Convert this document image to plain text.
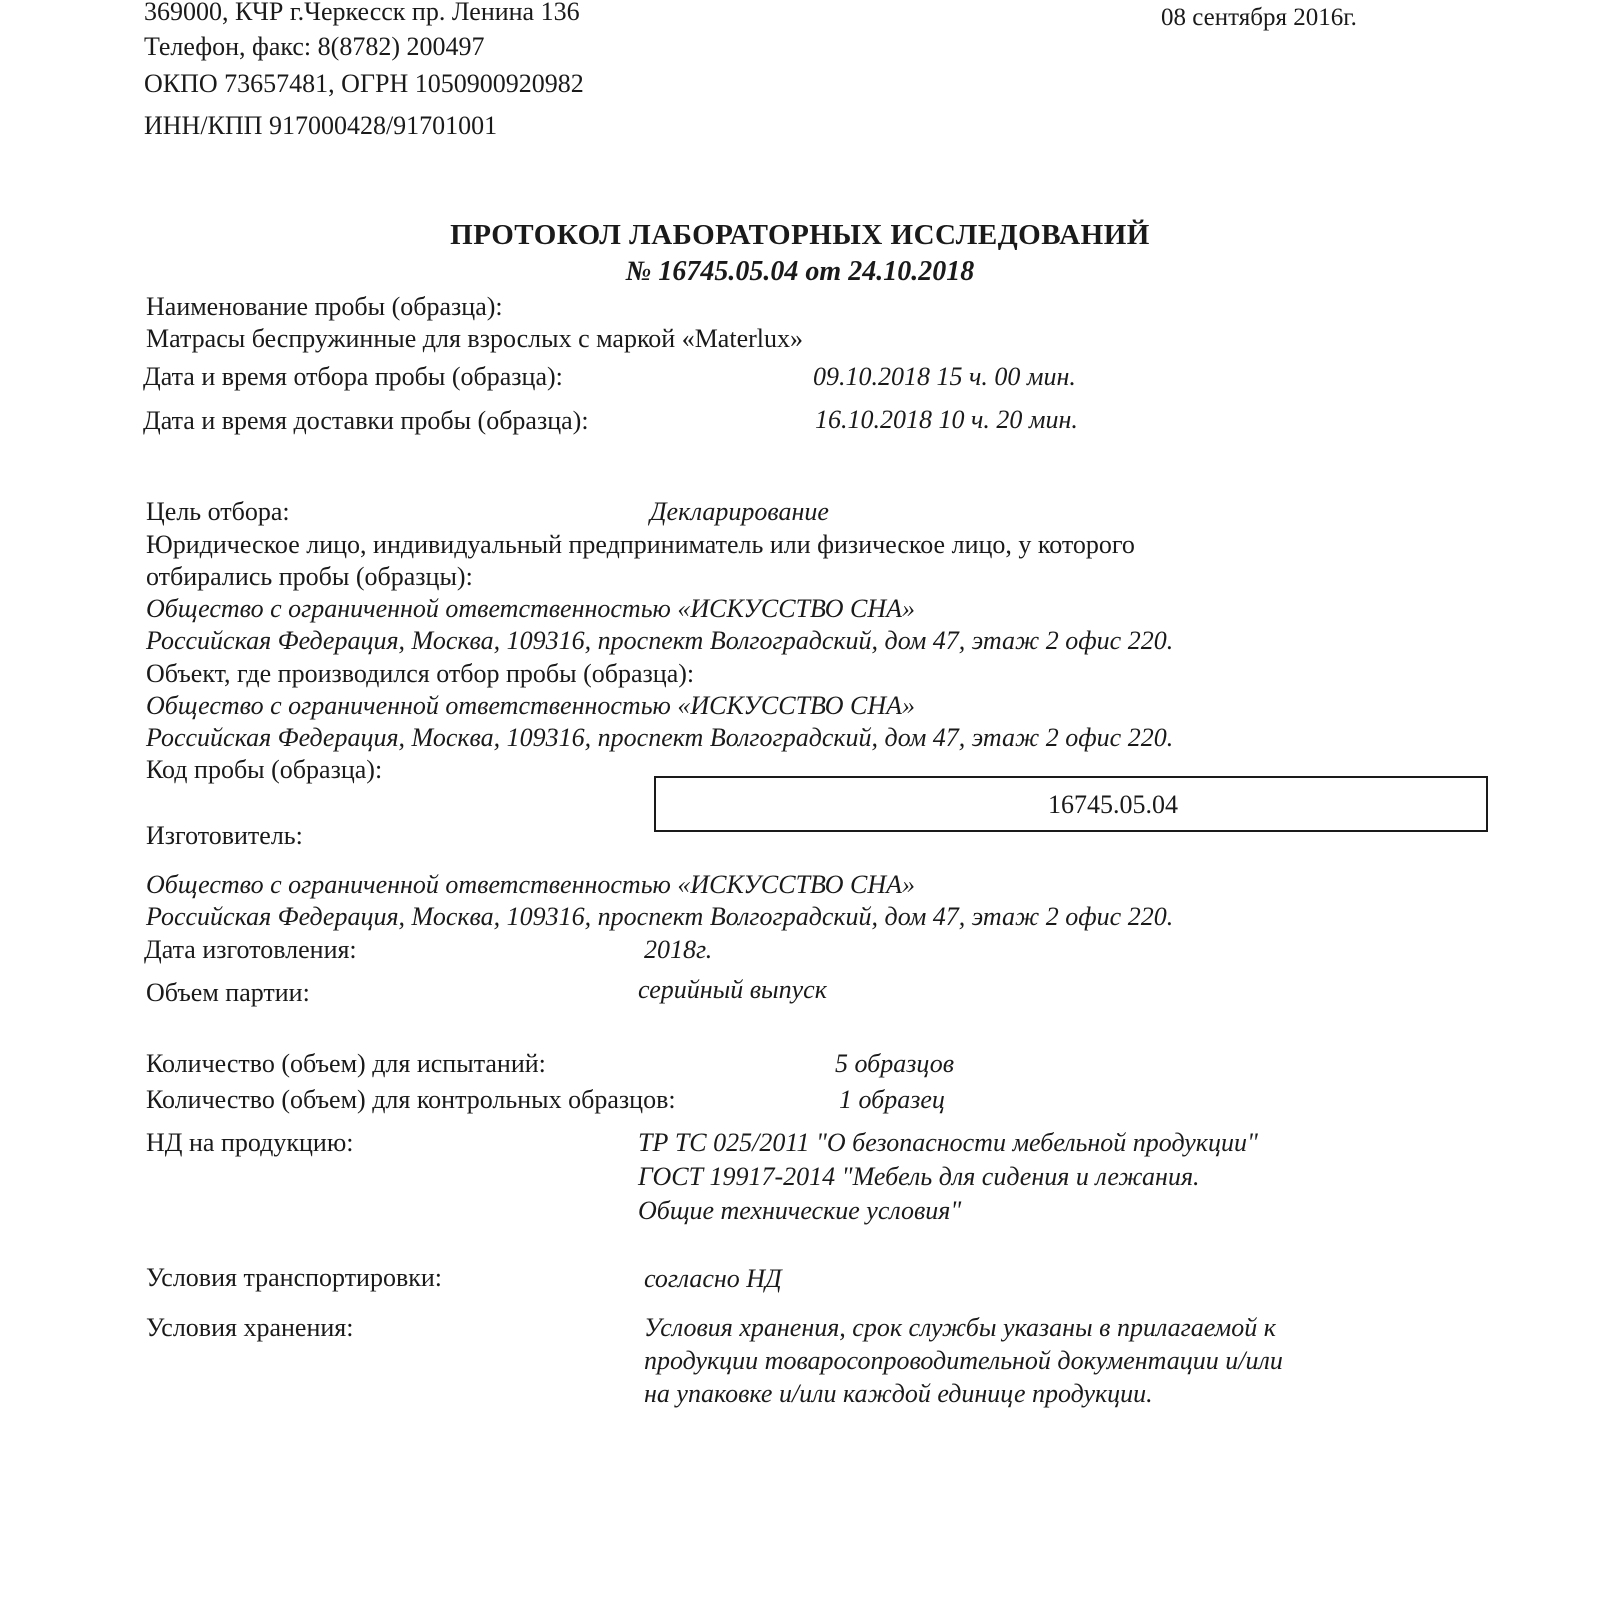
369000, КЧР г.Черкесск пр. Ленина 136	08 сентября 2016г.
Телефон, факс: 8(8782) 200497
ОКПО 73657481, ОГРН 1050900920982
ИНН/КПП 917000428/91701001
ПРОТОКОЛ ЛАБОРАТОРНЫХ ИССЛЕДОВАНИЙ
№ 16745.05.04 от 24.10.2018
Наименование пробы (образца):
Матрасы беспружинные для взрослых с маркой «Materlux»
Дата и время отбора пробы (образца):	09.10.2018 15 ч. 00 мин.
Дата и время доставки пробы (образца):	16.10.2018 10 ч. 20 мин.
Цель отбора:	Декларирование
Юридическое лицо, индивидуальный предприниматель или физическое лицо, у которого
отбирались пробы (образцы):
Общество с ограниченной ответственностью «ИСКУССТВО СНА»
Российская Федерация, Москва, 109316, проспект Волгоградский, дом 47, этаж 2 офис 220.
Объект, где производился отбор пробы (образца):
Общество с ограниченной ответственностью «ИСКУССТВО СНА»
Российская Федерация, Москва, 109316, проспект Волгоградский, дом 47, этаж 2 офис 220.
Код пробы (образца):
16745.05.04
Изготовитель:
Общество с ограниченной ответственностью «ИСКУССТВО СНА»
Российская Федерация, Москва, 109316, проспект Волгоградский, дом 47, этаж 2 офис 220.
Дата изготовления:	2018г.
Объем партии:	серийный выпуск
Количество (объем) для испытаний:	5 образцов
Количество (объем) для контрольных образцов:	1 образец
НД на продукцию:	ТР ТС 025/2011 "О безопасности мебельной продукции"
ГОСТ 19917-2014 "Мебель для сидения и лежания.
Общие технические условия"
Условия транспортировки:	согласно НД
Условия хранения:	Условия хранения, срок службы указаны в прилагаемой к
продукции товаросопроводительной документации и/или
на упаковке и/или каждой единице продукции.
